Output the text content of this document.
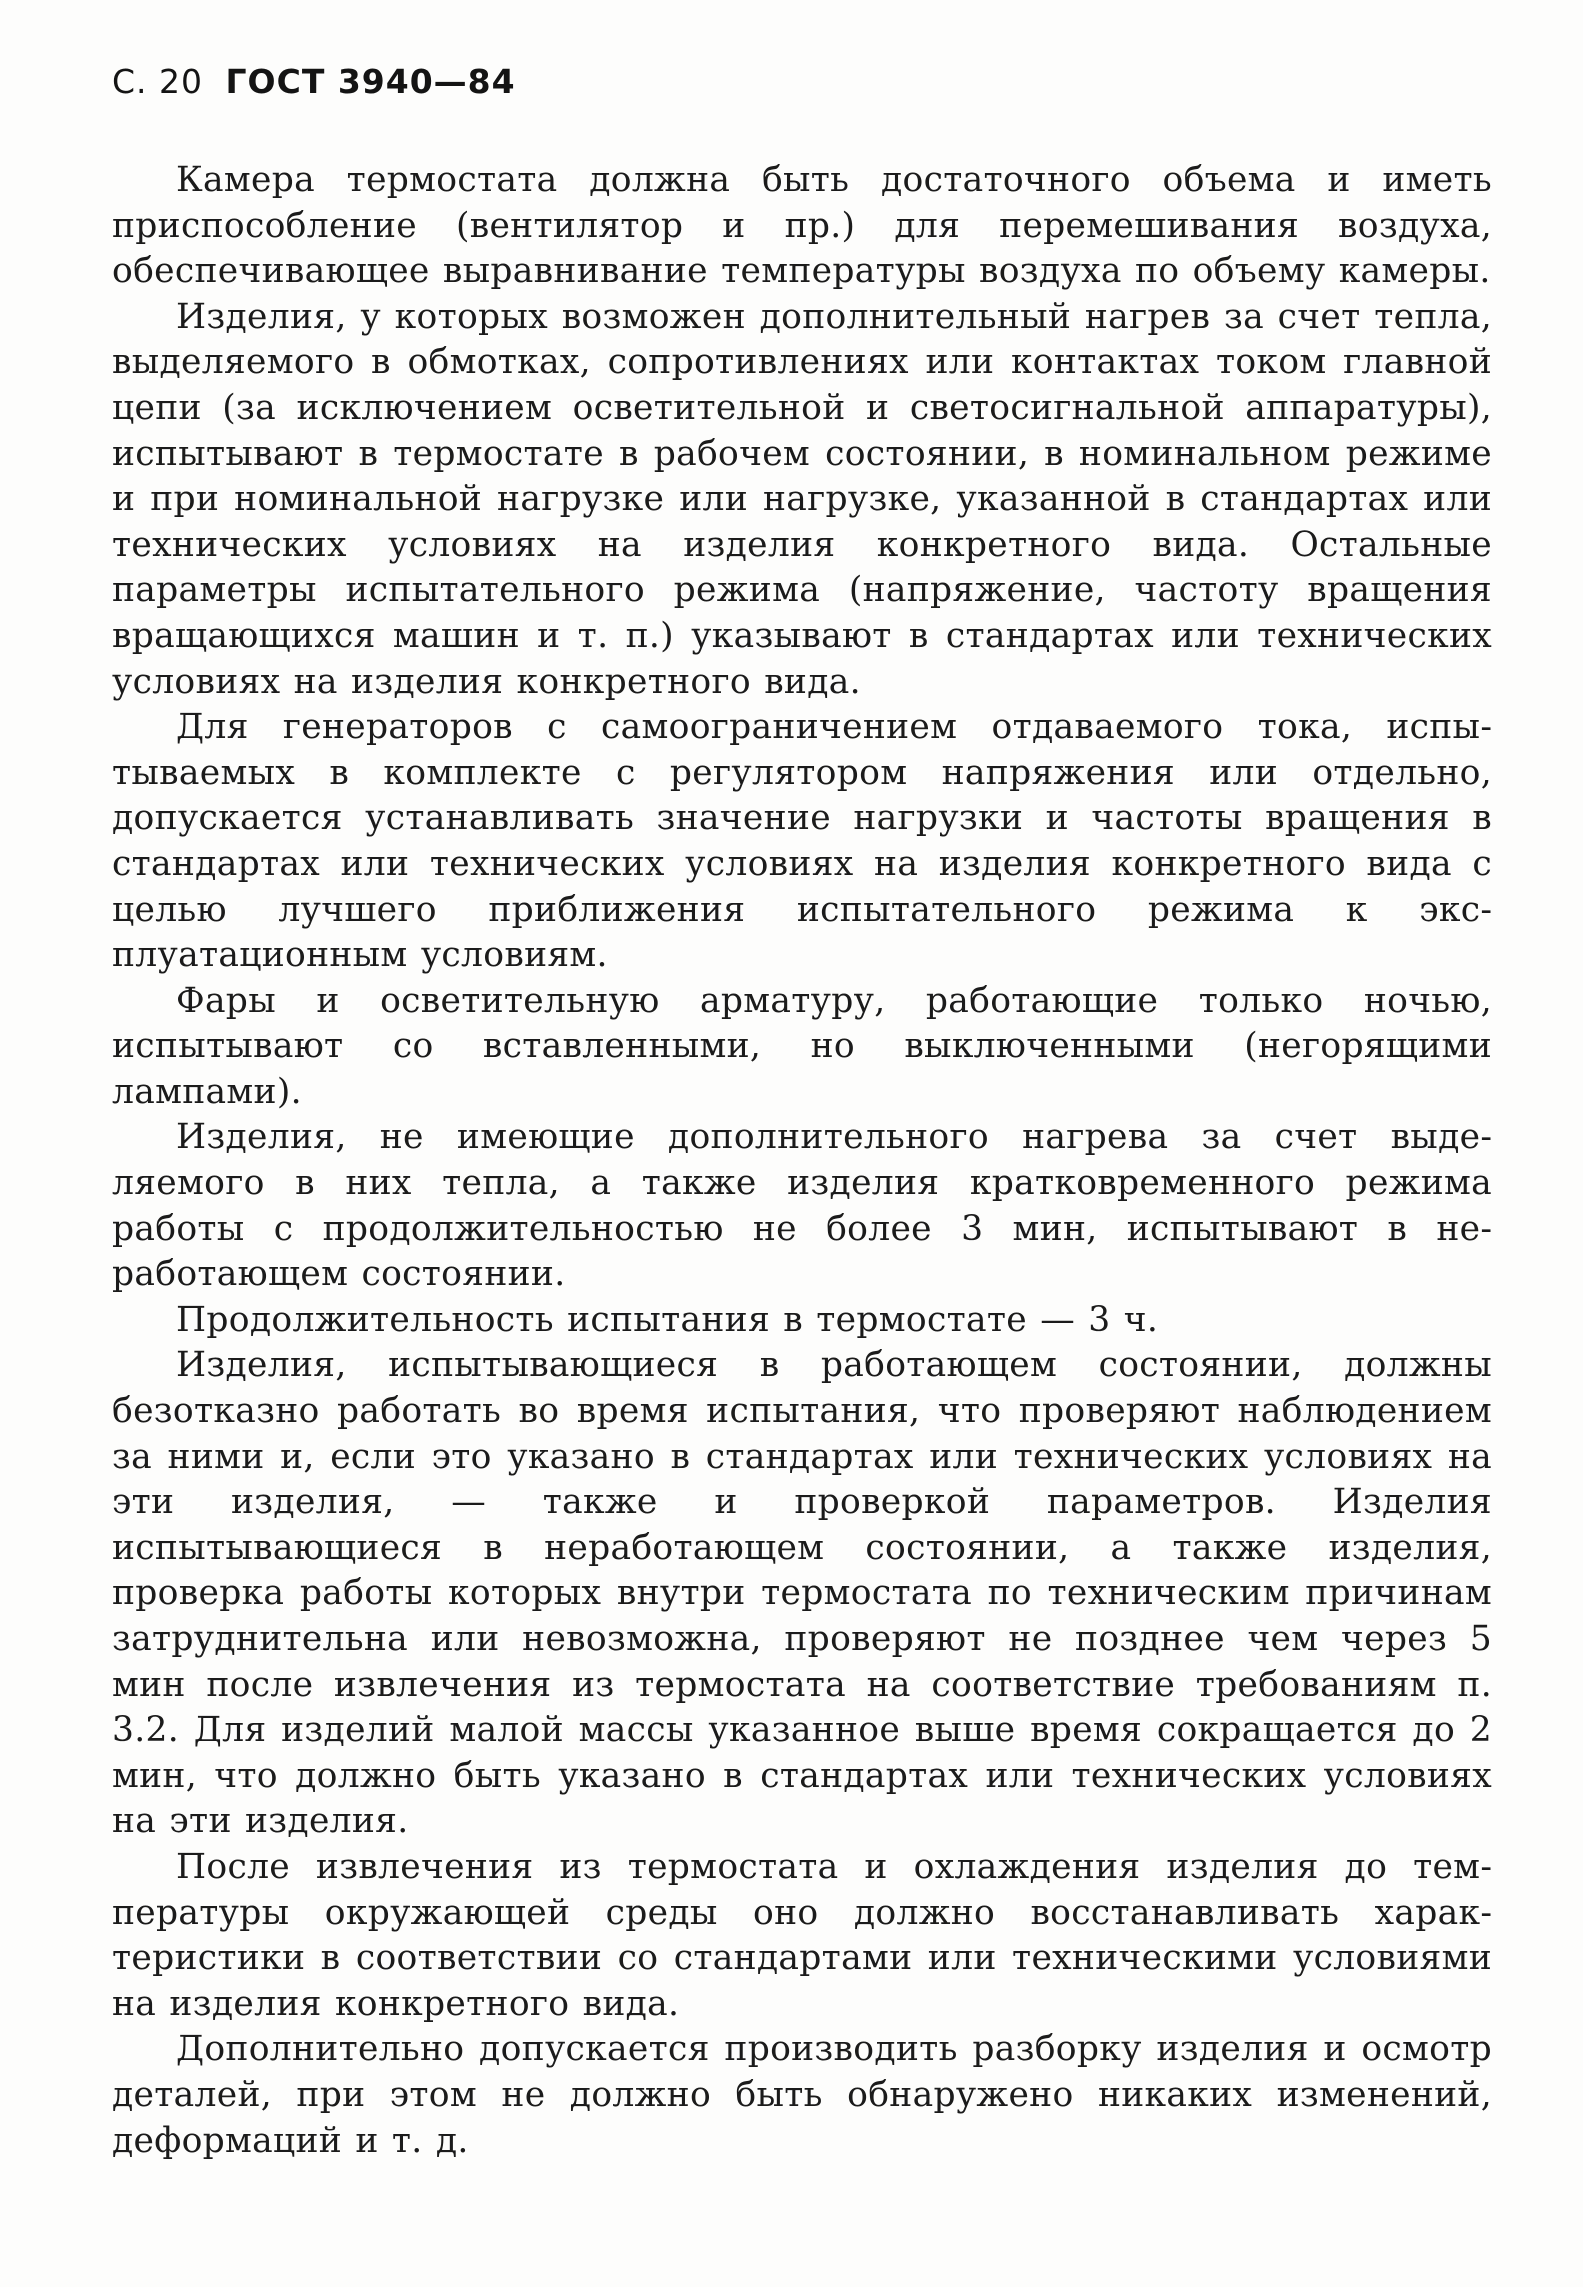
С. 20 ГОСТ 3940—84

Камера термостата должна быть достаточного объема и иметь приспособление (вентилятор и пр.) для перемешивания воздуха, обеспечивающее выравнивание температуры воздуха по объему камеры.

Изделия, у которых возможен дополнительный нагрев за счет тепла, выделяемого в обмотках, сопротивлениях или контактах током главной цепи (за исключением осветительной и светосигнальной аппаратуры), испытывают в термостате в рабочем состоянии, в номинальном режиме и при номинальной нагрузке или нагрузке, указанной в стандартах или технических условиях на изделия конкретного вида. Остальные параметры испытательного режима (напряжение, частоту вращения вращающихся машин и т. п.) указывают в стандартах или технических условиях на изделия конкретного вида.

Для генераторов с самоограничением отдаваемого тока, испытываемых в комплекте с регулятором напряжения или отдельно, допускается устанавливать значение нагрузки и частоты вращения в стандартах или технических условиях на изделия конкретного вида с целью лучшего приближения испытательного режима к эксплуатационным условиям.

Фары и осветительную арматуру, работающие только ночью, испытывают со вставленными, но выключенными (негорящими лампами).

Изделия, не имеющие дополнительного нагрева за счет выделяемого в них тепла, а также изделия кратковременного режима работы с продолжительностью не более 3 мин, испытывают в неработающем состоянии.

Продолжительность испытания в термостате — 3 ч.

Изделия, испытывающиеся в работающем состоянии, должны безотказно работать во время испытания, что проверяют наблюдением за ними и, если это указано в стандартах или технических условиях на эти изделия, — также и проверкой параметров. Изделия испытывающиеся в неработающем состоянии, а также изделия, проверка работы которых внутри термостата по техническим причинам затруднительна или невозможна, проверяют не позднее чем через 5 мин после извлечения из термостата на соответствие требованиям п. 3.2. Для изделий малой массы указанное выше время сокращается до 2 мин, что должно быть указано в стандартах или технических условиях на эти изделия.

После извлечения из термостата и охлаждения изделия до температуры окружающей среды оно должно восстанавливать характеристики в соответствии со стандартами или техническими условиями на изделия конкретного вида.

Дополнительно допускается производить разборку изделия и осмотр деталей, при этом не должно быть обнаружено никаких изменений, деформаций и т. д.
